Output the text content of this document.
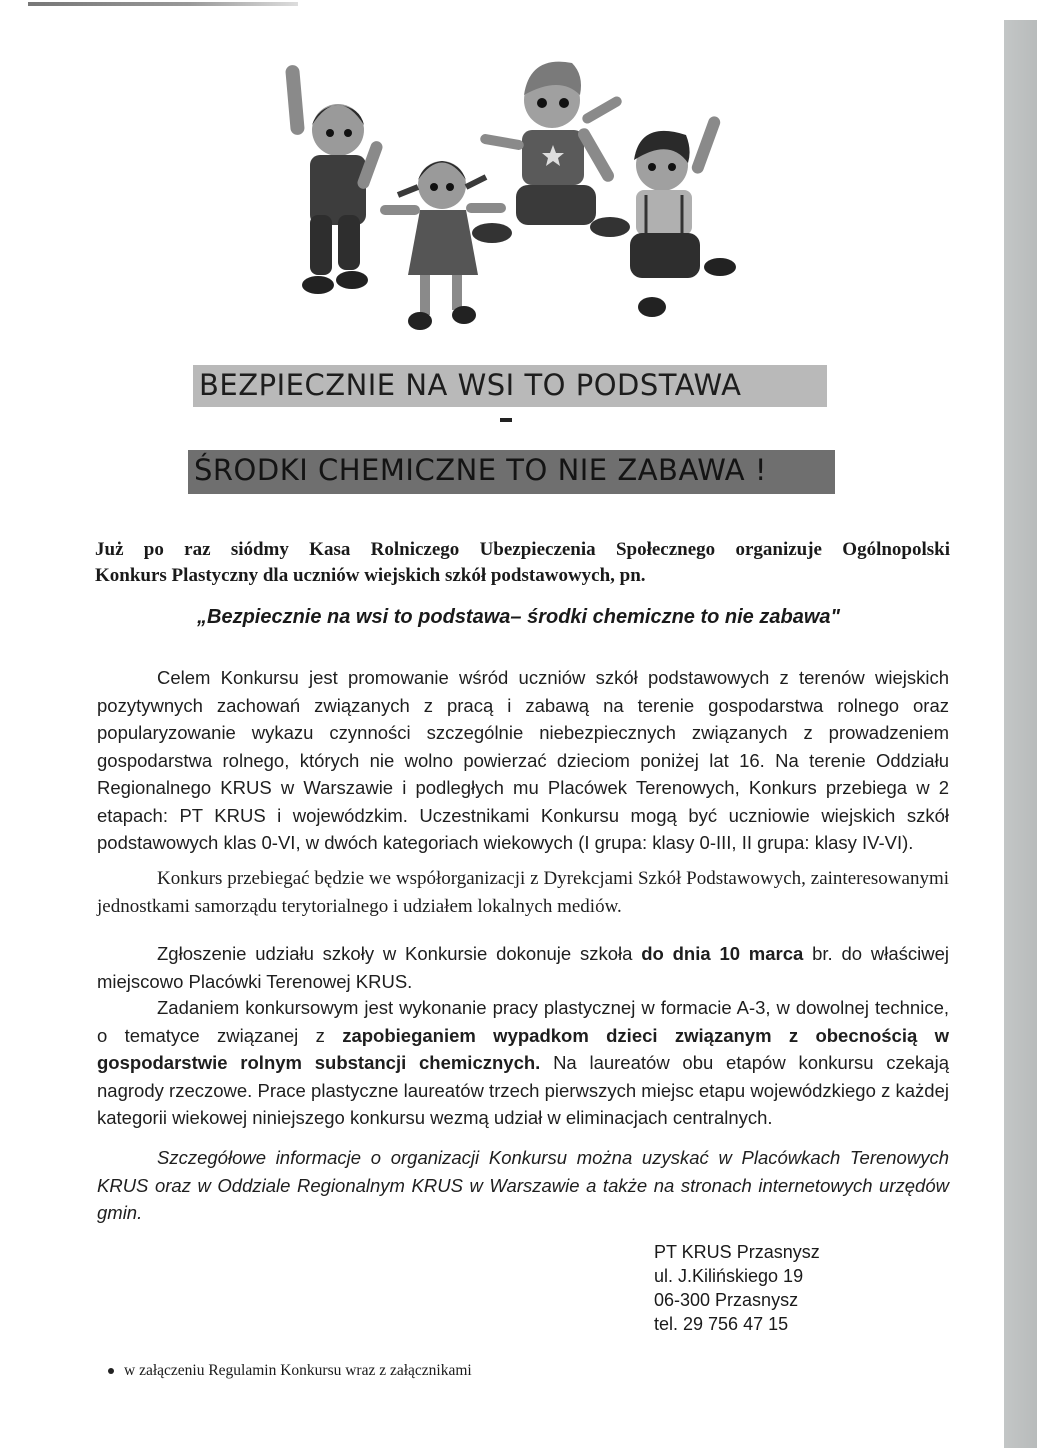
BEZPIECZNIE NA WSI TO PODSTAWA
ŚRODKI CHEMICZNE TO NIE ZABAWA !
Już po raz siódmy Kasa Rolniczego Ubezpieczenia Społecznego organizuje Ogólnopolski
Konkurs Plastyczny dla uczniów wiejskich szkół podstawowych, pn.
„Bezpiecznie na wsi to podstawa– środki chemiczne to nie zabawa"
Celem Konkursu jest promowanie wśród uczniów szkół podstawowych z terenów wiejskich pozytywnych zachowań związanych z pracą i zabawą na terenie gospodarstwa rolnego oraz popularyzowanie wykazu czynności szczególnie niebezpiecznych związanych z prowadzeniem gospodarstwa rolnego, których nie wolno powierzać dzieciom poniżej lat 16. Na terenie Oddziału Regionalnego KRUS w Warszawie i podległych mu Placówek Terenowych, Konkurs przebiega w 2 etapach: PT KRUS i wojewódzkim. Uczestnikami Konkursu mogą być uczniowie wiejskich szkół podstawowych klas 0-VI, w dwóch kategoriach wiekowych (I grupa: klasy 0-III, II grupa: klasy IV-VI).
Konkurs przebiegać będzie we współorganizacji z Dyrekcjami Szkół Podstawowych, zainteresowanymi jednostkami samorządu terytorialnego i udziałem lokalnych mediów.
Zgłoszenie udziału szkoły w Konkursie dokonuje szkoła do dnia 10 marca br. do właściwej miejscowo Placówki Terenowej KRUS.
Zadaniem konkursowym jest wykonanie pracy plastycznej w formacie A-3, w dowolnej technice, o tematyce związanej z zapobieganiem wypadkom dzieci związanym z obecnością w gospodarstwie rolnym substancji chemicznych. Na laureatów obu etapów konkursu czekają nagrody rzeczowe. Prace plastyczne laureatów trzech pierwszych miejsc etapu wojewódzkiego z każdej kategorii wiekowej niniejszego konkursu wezmą udział w eliminacjach centralnych.
Szczegółowe informacje o organizacji Konkursu można uzyskać w Placówkach Terenowych KRUS oraz w Oddziale Regionalnym KRUS w Warszawie a także na stronach internetowych urzędów gmin.
PT KRUS Przasnysz
ul. J.Kilińskiego 19
06-300 Przasnysz
tel. 29 756 47 15
w załączeniu Regulamin Konkursu wraz z załącznikami
